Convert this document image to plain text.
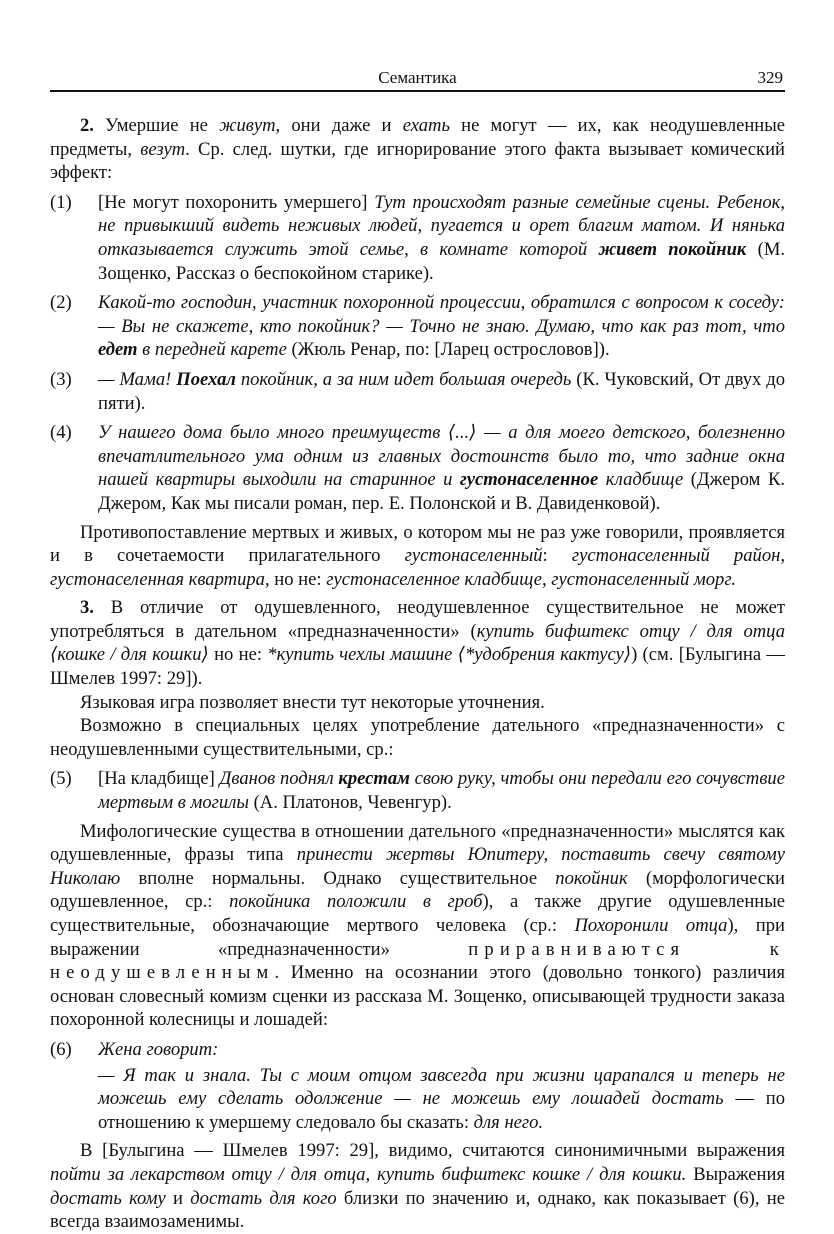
Семантика	329

2. Умершие не живут, они даже и ехать не могут — их, как неодушевленные предметы, везут. Ср. след. шутки, где игнорирование этого факта вызывает комический эффект:

(1)	[Не могут похоронить умершего] Тут происходят разные семейные сцены. Ребенок, не привыкший видеть неживых людей, пугается и орет благим матом. И нянька отказывается служить этой семье, в комнате которой живет покойник (М. Зощенко, Рассказ о беспокойном старике).
(2)	Какой-то господин, участник похоронной процессии, обратился с вопросом к соседу: — Вы не скажете, кто покойник? — Точно не знаю. Думаю, что как раз тот, что едет в передней карете (Жюль Ренар, по: [Ларец острословов]).
(3)	— Мама! Поехал покойник, а за ним идет большая очередь (К. Чуковский, От двух до пяти).
(4)	У нашего дома было много преимуществ ⟨...⟩ — а для моего детского, болезненно впечатлительного ума одним из главных достоинств было то, что задние окна нашей квартиры выходили на старинное и густонаселенное кладбище (Джером К. Джером, Как мы писали роман, пер. Е. Полонской и В. Давиденковой).

Противопоставление мертвых и живых, о котором мы не раз уже говорили, проявляется и в сочетаемости прилагательного густонаселенный: густонаселенный район, густонаселенная квартира, но не: густонаселенное кладбище, густонаселенный морг.

3. В отличие от одушевленного, неодушевленное существительное не может употребляться в дательном «предназначенности» (купить бифштекс отцу / для отца ⟨кошке / для кошки⟩ но не: *купить чехлы машине ⟨*удобрения кактусу⟩) (см. [Булыгина — Шмелев 1997: 29]).

Языковая игра позволяет внести тут некоторые уточнения.

Возможно в специальных целях употребление дательного «предназначенности» с неодушевленными существительными, ср.:

(5)	[На кладбище] Дванов поднял крестам свою руку, чтобы они передали его сочувствие мертвым в могилы (А. Платонов, Чевенгур).

Мифологические существа в отношении дательного «предназначенности» мыслятся как одушевленные, фразы типа принести жертвы Юпитеру, поставить свечу святому Николаю вполне нормальны. Однако существительное покойник (морфологически одушевленное, ср.: покойника положили в гроб), а также другие одушевленные существительные, обозначающие мертвого человека (ср.: Похоронили отца), при выражении «предназначенности» приравниваются к неодушевленным. Именно на осознании этого (довольно тонкого) различия основан словесный комизм сценки из рассказа М. Зощенко, описывающей трудности заказа похоронной колесницы и лошадей:

(6)	Жена говорит:
— Я так и знала. Ты с моим отцом завсегда при жизни царапался и теперь не можешь ему сделать одолжение — не можешь ему лошадей достать — по отношению к умершему следовало бы сказать: для него.

В [Булыгина — Шмелев 1997: 29], видимо, считаются синонимичными выражения пойти за лекарством отцу / для отца, купить бифштекс кошке / для кошки. Выражения достать кому и достать для кого близки по значению и, однако, как показывает (6), не всегда взаимозаменимы.
